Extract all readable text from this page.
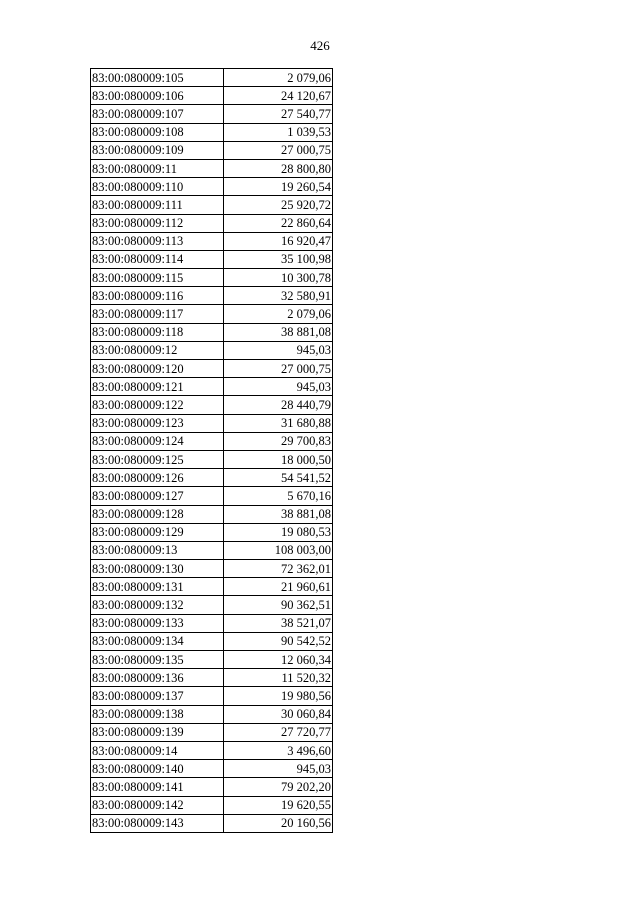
426
83:00:080009:105	2 079,06
83:00:080009:106	24 120,67
83:00:080009:107	27 540,77
83:00:080009:108	1 039,53
83:00:080009:109	27 000,75
83:00:080009:11	28 800,80
83:00:080009:110	19 260,54
83:00:080009:111	25 920,72
83:00:080009:112	22 860,64
83:00:080009:113	16 920,47
83:00:080009:114	35 100,98
83:00:080009:115	10 300,78
83:00:080009:116	32 580,91
83:00:080009:117	2 079,06
83:00:080009:118	38 881,08
83:00:080009:12	945,03
83:00:080009:120	27 000,75
83:00:080009:121	945,03
83:00:080009:122	28 440,79
83:00:080009:123	31 680,88
83:00:080009:124	29 700,83
83:00:080009:125	18 000,50
83:00:080009:126	54 541,52
83:00:080009:127	5 670,16
83:00:080009:128	38 881,08
83:00:080009:129	19 080,53
83:00:080009:13	108 003,00
83:00:080009:130	72 362,01
83:00:080009:131	21 960,61
83:00:080009:132	90 362,51
83:00:080009:133	38 521,07
83:00:080009:134	90 542,52
83:00:080009:135	12 060,34
83:00:080009:136	11 520,32
83:00:080009:137	19 980,56
83:00:080009:138	30 060,84
83:00:080009:139	27 720,77
83:00:080009:14	3 496,60
83:00:080009:140	945,03
83:00:080009:141	79 202,20
83:00:080009:142	19 620,55
83:00:080009:143	20 160,56
